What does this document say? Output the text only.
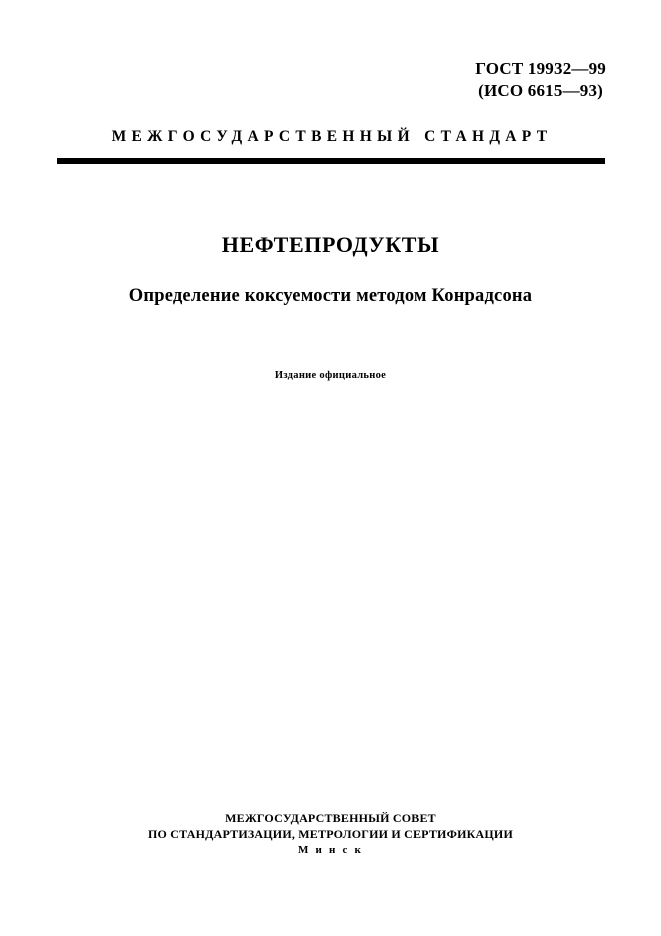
ГОСТ 19932—99
(ИСО 6615—93)
МЕЖГОСУДАРСТВЕННЫЙ СТАНДАРТ
НЕФТЕПРОДУКТЫ
Определение коксуемости методом Конрадсона
Издание официальное
МЕЖГОСУДАРСТВЕННЫЙ СОВЕТ
ПО СТАНДАРТИЗАЦИИ, МЕТРОЛОГИИ И СЕРТИФИКАЦИИ
М и н с к
